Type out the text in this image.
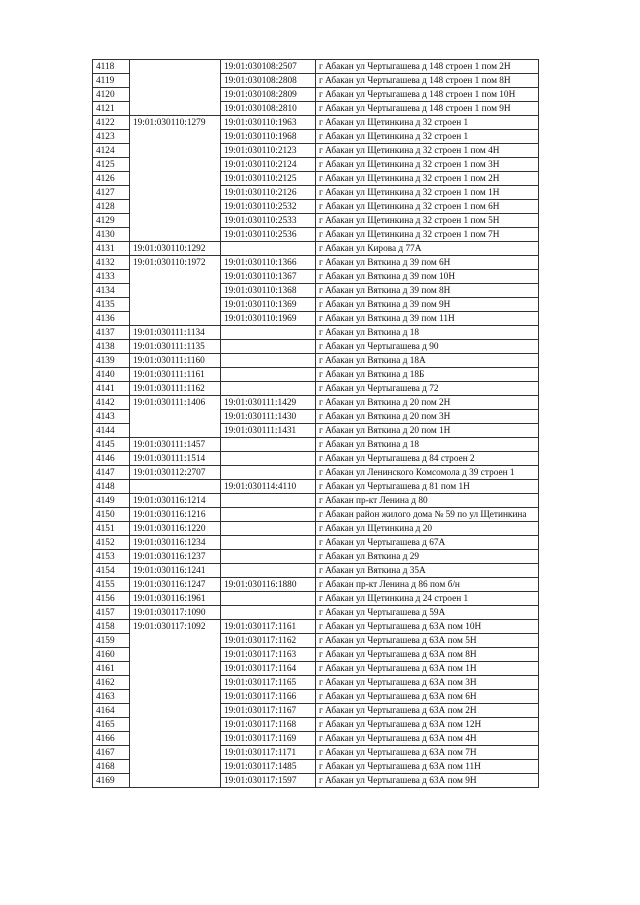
4118		19:01:030108:2507	г Абакан ул Чертыгашева д 148 строен 1 пом 2Н
4119		19:01:030108:2808	г Абакан ул Чертыгашева д 148 строен 1 пом 8Н
4120		19:01:030108:2809	г Абакан ул Чертыгашева д 148 строен 1 пом 10Н
4121		19:01:030108:2810	г Абакан ул Чертыгашева д 148 строен 1 пом 9Н
4122	19:01:030110:1279	19:01:030110:1963	г Абакан ул Щетинкина д 32 строен 1
4123		19:01:030110:1968	г Абакан ул Щетинкина д 32 строен 1
4124		19:01:030110:2123	г Абакан ул Щетинкина д 32 строен 1 пом 4Н
4125		19:01:030110:2124	г Абакан ул Щетинкина д 32 строен 1 пом 3Н
4126		19:01:030110:2125	г Абакан ул Щетинкина д 32 строен 1 пом 2Н
4127		19:01:030110:2126	г Абакан ул Щетинкина д 32 строен 1 пом 1Н
4128		19:01:030110:2532	г Абакан ул Щетинкина д 32 строен 1 пом 6Н
4129		19:01:030110:2533	г Абакан ул Щетинкина д 32 строен 1 пом 5Н
4130		19:01:030110:2536	г Абакан ул Щетинкина д 32 строен 1 пом 7Н
4131	19:01:030110:1292		г Абакан ул Кирова д 77А
4132	19:01:030110:1972	19:01:030110:1366	г Абакан ул Вяткина д 39 пом 6Н
4133		19:01:030110:1367	г Абакан ул Вяткина д 39 пом 10Н
4134		19:01:030110:1368	г Абакан ул Вяткина д 39 пом 8Н
4135		19:01:030110:1369	г Абакан ул Вяткина д 39 пом 9Н
4136		19:01:030110:1969	г Абакан ул Вяткина д 39 пом 11Н
4137	19:01:030111:1134		г Абакан ул Вяткина д 18
4138	19:01:030111:1135		г Абакан ул Чертыгашева д 90
4139	19:01:030111:1160		г Абакан ул Вяткина д 18А
4140	19:01:030111:1161		г Абакан ул Вяткина д 18Б
4141	19:01:030111:1162		г Абакан ул Чертыгашева д 72
4142	19:01:030111:1406	19:01:030111:1429	г Абакан ул Вяткина д 20 пом 2Н
4143		19:01:030111:1430	г Абакан ул Вяткина д 20 пом 3Н
4144		19:01:030111:1431	г Абакан ул Вяткина д 20 пом 1Н
4145	19:01:030111:1457		г Абакан ул Вяткина д 18
4146	19:01:030111:1514		г Абакан ул Чертыгашева д 84 строен 2
4147	19:01:030112:2707		г Абакан ул Ленинского Комсомола д 39 строен 1
4148		19:01:030114:4110	г Абакан ул Чертыгашева д 81 пом 1Н
4149	19:01:030116:1214		г Абакан пр-кт Ленина д 80
4150	19:01:030116:1216		г Абакан район жилого дома № 59 по ул Щетинкина
4151	19:01:030116:1220		г Абакан ул Щетинкина д 20
4152	19:01:030116:1234		г Абакан ул Чертыгашева д 67А
4153	19:01:030116:1237		г Абакан ул Вяткина д 29
4154	19:01:030116:1241		г Абакан ул Вяткина д 35А
4155	19:01:030116:1247	19:01:030116:1880	г Абакан пр-кт Ленина д 86 пом б/н
4156	19:01:030116:1961		г Абакан ул Щетинкина д 24 строен 1
4157	19:01:030117:1090		г Абакан ул Чертыгашева д 59А
4158	19:01:030117:1092	19:01:030117:1161	г Абакан ул Чертыгашева д 63А пом 10Н
4159		19:01:030117:1162	г Абакан ул Чертыгашева д 63А пом 5Н
4160		19:01:030117:1163	г Абакан ул Чертыгашева д 63А пом 8Н
4161		19:01:030117:1164	г Абакан ул Чертыгашева д 63А пом 1Н
4162		19:01:030117:1165	г Абакан ул Чертыгашева д 63А пом 3Н
4163		19:01:030117:1166	г Абакан ул Чертыгашева д 63А пом 6Н
4164		19:01:030117:1167	г Абакан ул Чертыгашева д 63А пом 2Н
4165		19:01:030117:1168	г Абакан ул Чертыгашева д 63А пом 12Н
4166		19:01:030117:1169	г Абакан ул Чертыгашева д 63А пом 4Н
4167		19:01:030117:1171	г Абакан ул Чертыгашева д 63А пом 7Н
4168		19:01:030117:1485	г Абакан ул Чертыгашева д 63А пом 11Н
4169		19:01:030117:1597	г Абакан ул Чертыгашева д 63А пом 9Н
